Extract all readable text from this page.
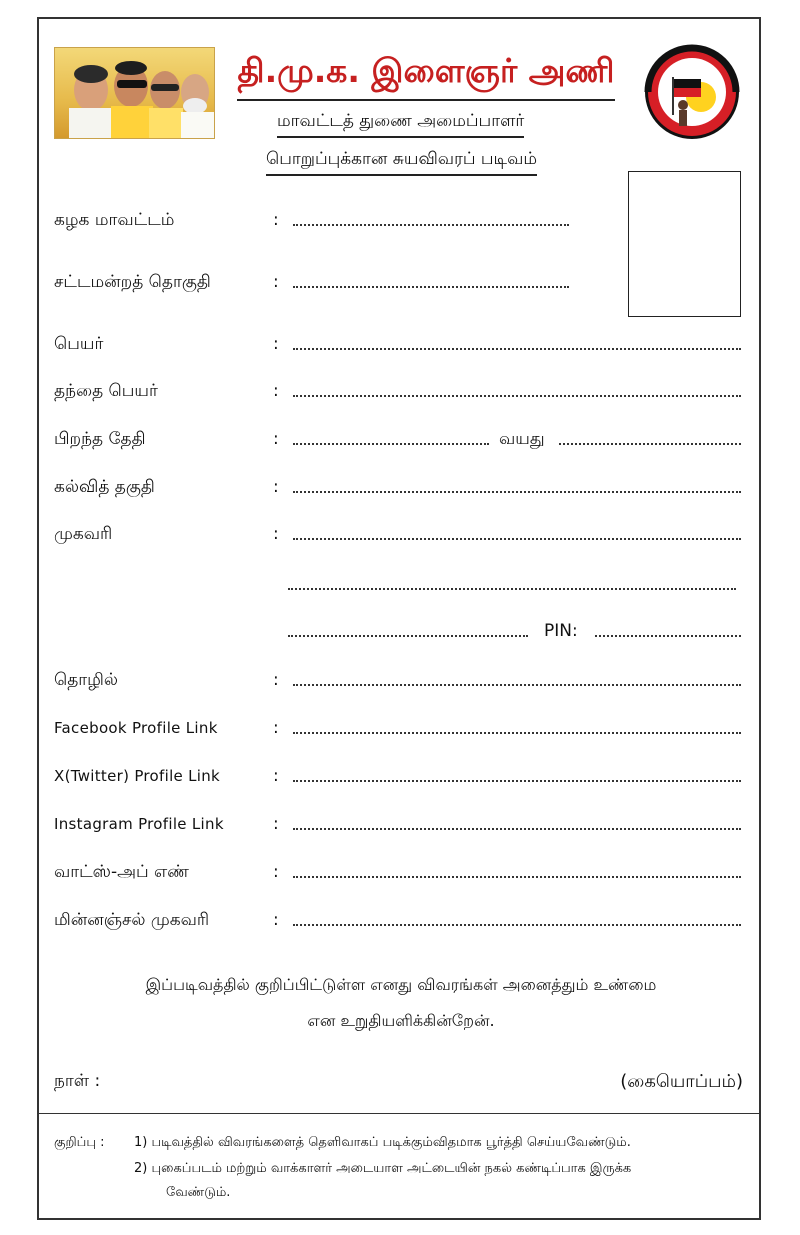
தி.மு.க. இளைஞர் அணி
மாவட்டத் துணை அமைப்பாளர்
பொறுப்புக்கான சுயவிவரப் படிவம்
கழக மாவட்டம்	:
சட்டமன்றத் தொகுதி	:
பெயர்	:
தந்தை பெயர்	:
பிறந்த தேதி	:	வயது
கல்வித் தகுதி	:
முகவரி	:
PIN:
தொழில்	:
Facebook Profile Link	:
X(Twitter) Profile Link	:
Instagram Profile Link	:
வாட்ஸ்-அப் எண்	:
மின்னஞ்சல் முகவரி	:

இப்படிவத்தில் குறிப்பிட்டுள்ள எனது விவரங்கள் அனைத்தும் உண்மை

என உறுதியளிக்கின்றேன்.

நாள் :	(கையொப்பம்)
குறிப்பு : 1) படிவத்தில் விவரங்களைத் தெளிவாகப் படிக்கும்விதமாக பூர்த்தி செய்யவேண்டும்.
2) புகைப்படம் மற்றும் வாக்காளர் அடையாள அட்டையின் நகல் கண்டிப்பாக இருக்க
வேண்டும்.
